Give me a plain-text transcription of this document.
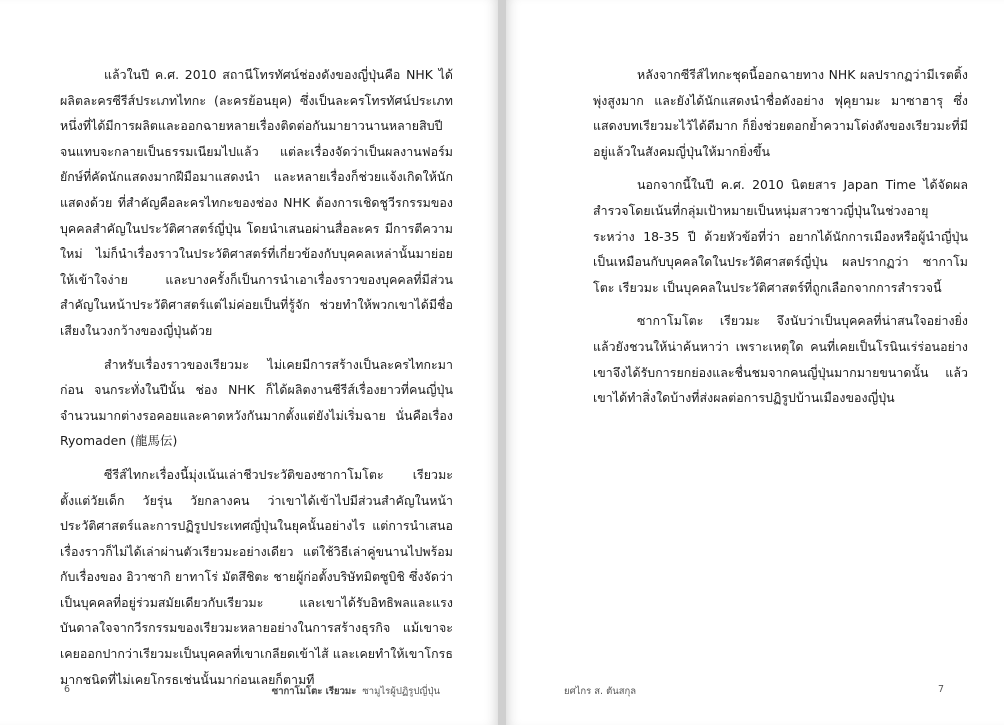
แล้วในปี ค.ศ. 2010 สถานีโทรทัศน์ช่องดังของญี่ปุ่นคือ NHK ได้ผลิตละครซีรีส์ประเภทไทกะ (ละครย้อนยุค) ซึ่งเป็นละครโทรทัศน์ประเภทหนึ่งที่ได้มีการผลิตและออกฉายหลายเรื่องติดต่อกันมายาวนานหลายสิบปีจนแทบจะกลายเป็นธรรมเนียมไปแล้ว แต่ละเรื่องจัดว่าเป็นผลงานฟอร์มยักษ์ที่คัดนักแสดงมากฝีมือมาแสดงนำ และหลายเรื่องก็ช่วยแจ้งเกิดให้นักแสดงด้วย ที่สำคัญคือละครไทกะของช่อง NHK ต้องการเชิดชูวีรกรรมของบุคคลสำคัญในประวัติศาสตร์ญี่ปุ่น โดยนำเสนอผ่านสื่อละคร มีการตีความใหม่ ไม่ก็นำเรื่องราวในประวัติศาสตร์ที่เกี่ยวข้องกับบุคคลเหล่านั้นมาย่อยให้เข้าใจง่าย และบางครั้งก็เป็นการนำเอาเรื่องราวของบุคคลที่มีส่วนสำคัญในหน้าประวัติศาสตร์แต่ไม่ค่อยเป็นที่รู้จัก ช่วยทำให้พวกเขาได้มีชื่อเสียงในวงกว้างของญี่ปุ่นด้วย

สำหรับเรื่องราวของเรียวมะ ไม่เคยมีการสร้างเป็นละครไทกะมาก่อน จนกระทั่งในปีนั้น ช่อง NHK ก็ได้ผลิตงานซีรีส์เรื่องยาวที่คนญี่ปุ่นจำนวนมากต่างรอคอยและคาดหวังกันมากตั้งแต่ยังไม่เริ่มฉาย นั่นคือเรื่อง Ryomaden (龍馬伝)

ซีรีส์ไทกะเรื่องนี้มุ่งเน้นเล่าชีวประวัติของซากาโมโตะ เรียวมะ ตั้งแต่วัยเด็ก วัยรุ่น วัยกลางคน ว่าเขาได้เข้าไปมีส่วนสำคัญในหน้าประวัติศาสตร์และการปฏิรูปประเทศญี่ปุ่นในยุคนั้นอย่างไร แต่การนำเสนอเรื่องราวก็ไม่ได้เล่าผ่านตัวเรียวมะอย่างเดียว แต่ใช้วิธีเล่าคู่ขนานไปพร้อมกับเรื่องของ อิวาซากิ ยาทาโร่ มัตสึชิตะ ชายผู้ก่อตั้งบริษัทมิตซูบิชิ ซึ่งจัดว่าเป็นบุคคลที่อยู่ร่วมสมัยเดียวกับเรียวมะ และเขาได้รับอิทธิพลและแรงบันดาลใจจากวีรกรรมของเรียวมะหลายอย่างในการสร้างธุรกิจ แม้เขาจะเคยออกปากว่าเรียวมะเป็นบุคคลที่เขาเกลียดเข้าไส้ และเคยทำให้เขาโกรธมากชนิดที่ไม่เคยโกรธเช่นนั้นมาก่อนเลยก็ตามที

6	ซากาโมโตะ เรียวมะ ซามูไรผู้ปฏิรูปญี่ปุ่น

หลังจากซีรีส์ไทกะชุดนี้ออกฉายทาง NHK ผลปรากฏว่ามีเรตติ้งพุ่งสูงมาก และยังได้นักแสดงนำชื่อดังอย่าง ฟุคุยามะ มาซาฮารุ ซึ่งแสดงบทเรียวมะไว้ได้ดีมาก ก็ยิ่งช่วยตอกย้ำความโด่งดังของเรียวมะที่มีอยู่แล้วในสังคมญี่ปุ่นให้มากยิ่งขึ้น

นอกจากนี้ในปี ค.ศ. 2010 นิตยสาร Japan Time ได้จัดผลสำรวจโดยเน้นที่กลุ่มเป้าหมายเป็นหนุ่มสาวชาวญี่ปุ่นในช่วงอายุระหว่าง 18-35 ปี ด้วยหัวข้อที่ว่า อยากได้นักการเมืองหรือผู้นำญี่ปุ่นเป็นเหมือนกับบุคคลใดในประวัติศาสตร์ญี่ปุ่น ผลปรากฏว่า ซากาโมโตะ เรียวมะ เป็นบุคคลในประวัติศาสตร์ที่ถูกเลือกจากการสำรวจนี้

ซากาโมโตะ เรียวมะ จึงนับว่าเป็นบุคคลที่น่าสนใจอย่างยิ่ง แล้วยังชวนให้น่าค้นหาว่า เพราะเหตุใด คนที่เคยเป็นโรนินเร่ร่อนอย่างเขาจึงได้รับการยกย่องและชื่นชมจากคนญี่ปุ่นมากมายขนาดนั้น แล้วเขาได้ทำสิ่งใดบ้างที่ส่งผลต่อการปฏิรูปบ้านเมืองของญี่ปุ่น

ยศไกร ส. ตันสกุล	7
